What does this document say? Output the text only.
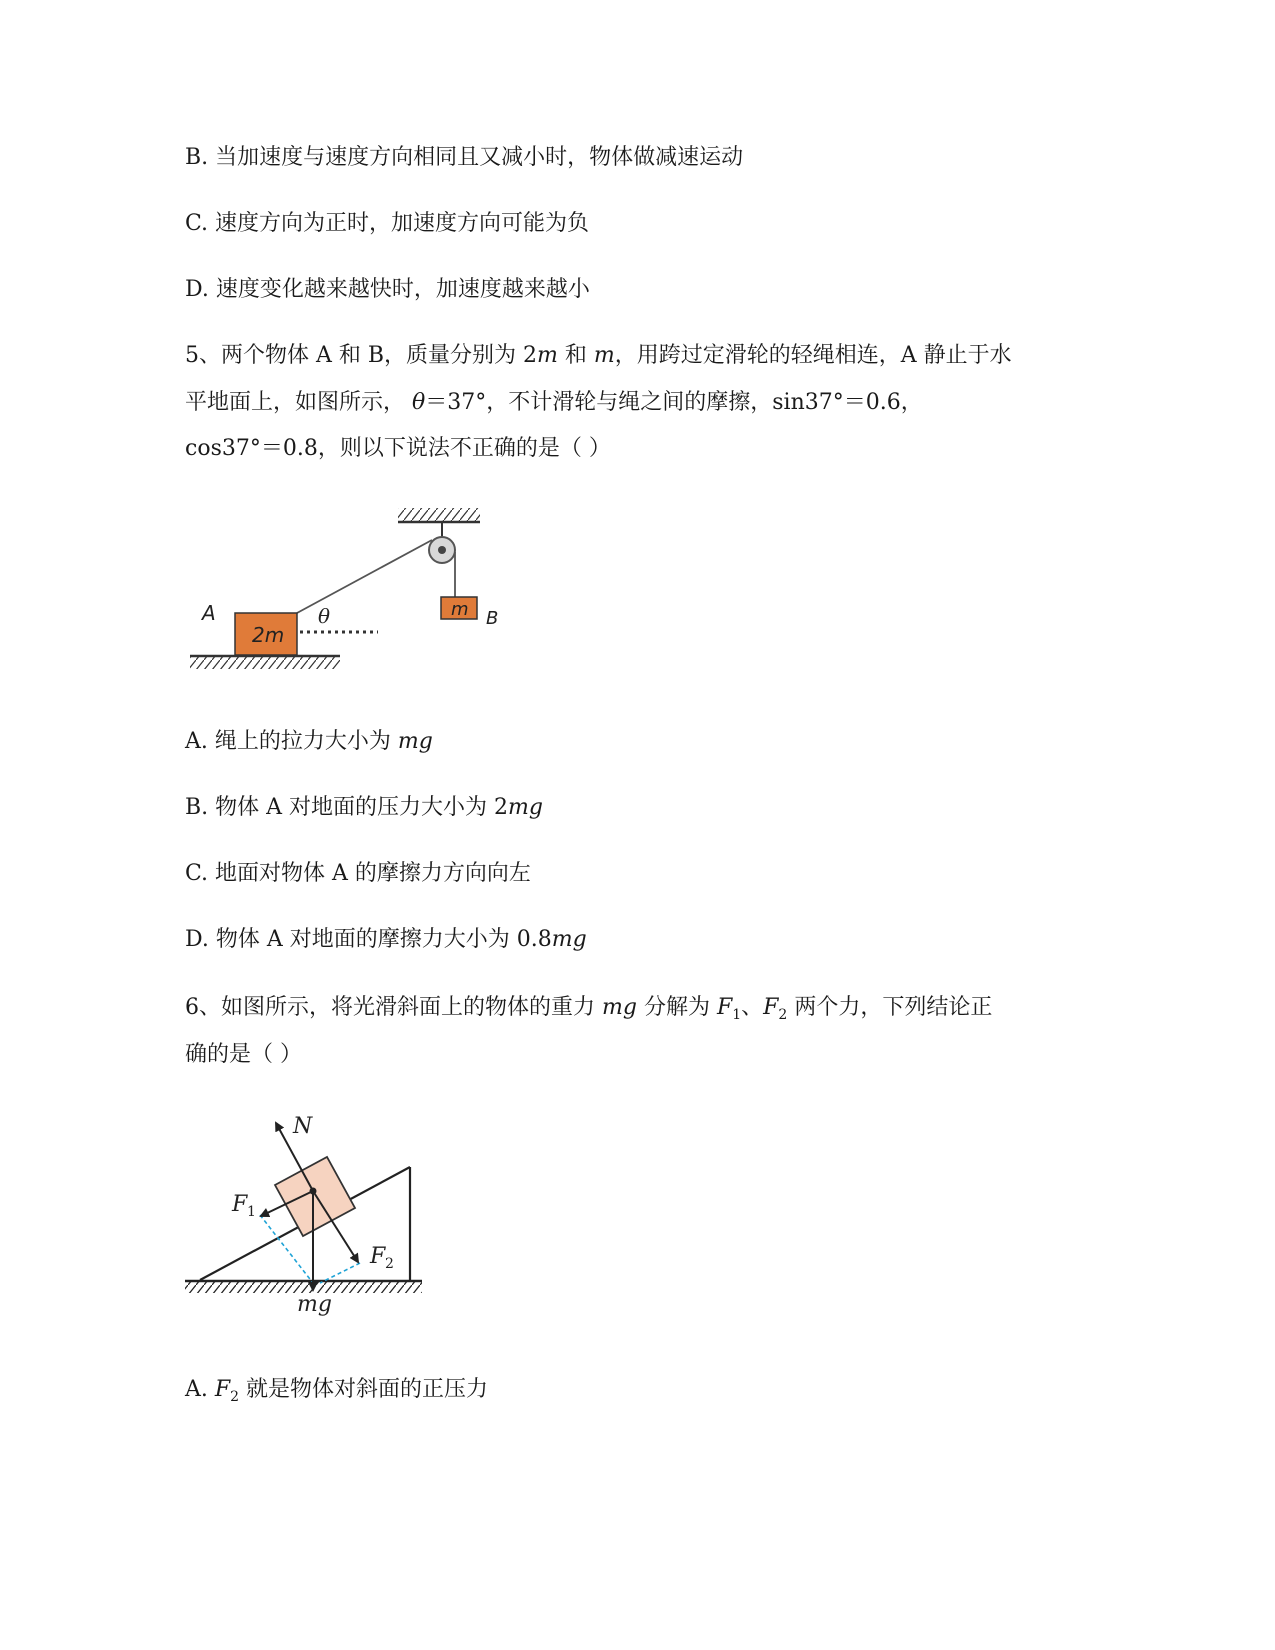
B. 当加速度与速度方向相同且又减小时，物体做减速运动
C. 速度方向为正时，加速度方向可能为负
D. 速度变化越来越快时，加速度越来越小
5、两个物体 A 和 B，质量分别为 2m 和 m，用跨过定滑轮的轻绳相连，A 静止于水
平地面上，如图所示， θ＝37°，不计滑轮与绳之间的摩擦，sin37°＝0.6，
cos37°＝0.8，则以下说法不正确的是（ ）
2m
m
A	B
θ
A. 绳上的拉力大小为 mg
B. 物体 A 对地面的压力大小为 2mg
C. 地面对物体 A 的摩擦力方向向左
D. 物体 A 对地面的摩擦力大小为 0.8mg
6、如图所示，将光滑斜面上的物体的重力 mg 分解为 $F_1$、$F_2$ 两个力，下列结论正
确的是（ ）
N
F 1
F 2
mg
A. $F_2$ 就是物体对斜面的正压力
